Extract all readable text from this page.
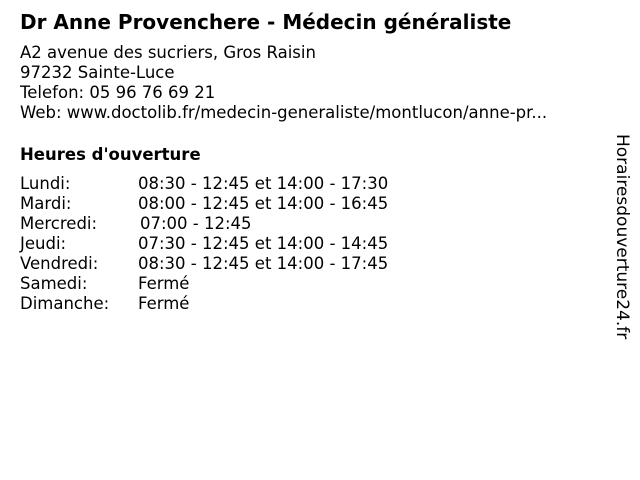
Dr Anne Provenchere - Médecin généraliste
A2 avenue des sucriers, Gros Raisin
97232 Sainte-Luce
Telefon: 05 96 76 69 21
Web: www.doctolib.fr/medecin-generaliste/montlucon/anne-pr...
Heures d'ouverture
Lundi:	08:30 - 12:45 et 14:00 - 17:30
Mardi:	08:00 - 12:45 et 14:00 - 16:45
Mercredi:	07:00 - 12:45
Jeudi:	07:30 - 12:45 et 14:00 - 14:45
Vendredi: 08:30 - 12:45 et 14:00 - 17:45
Samedi:	Fermé
Dimanche: Fermé	Horairesdouverture24.fr
